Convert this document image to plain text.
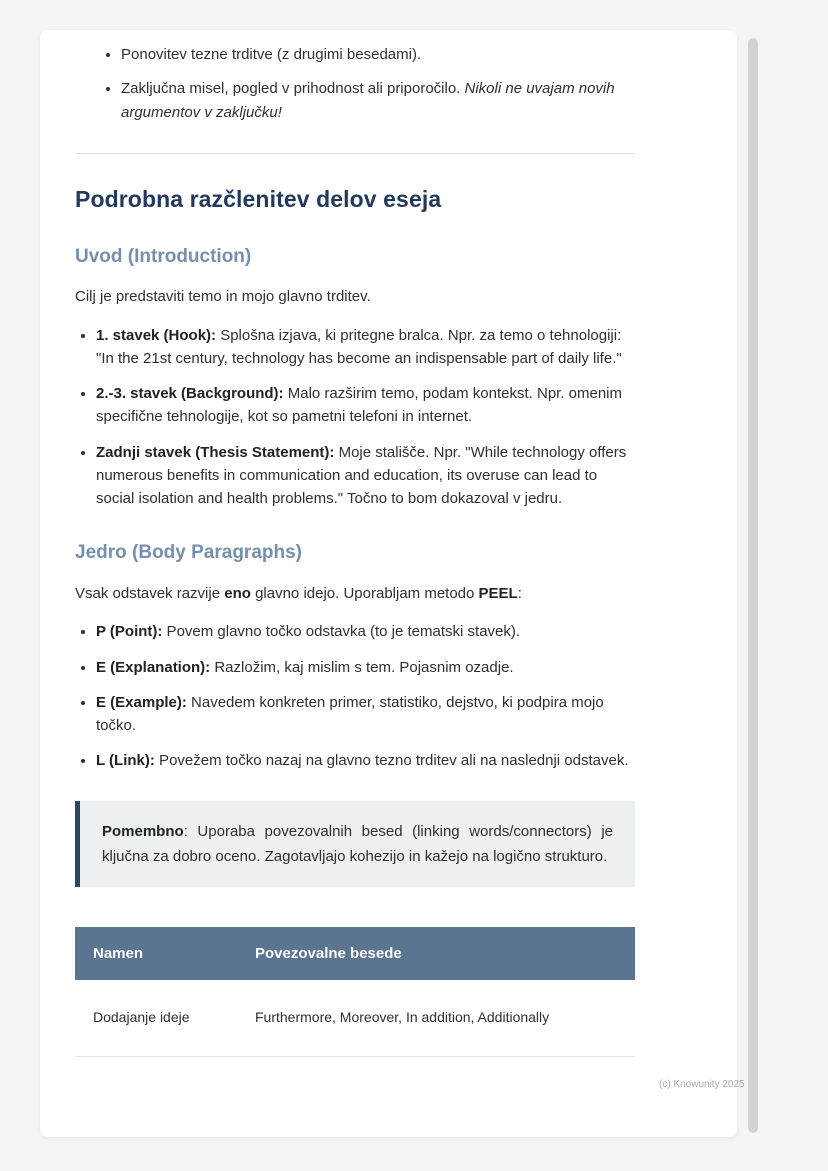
• Ponovitev tezne trditve (z drugimi besedami).
• Zaključna misel, pogled v prihodnost ali priporočilo. Nikoli ne uvajam novih argumentov v zaključku!
Podrobna razčlenitev delov eseja
Uvod (Introduction)

Cilj je predstaviti temo in mojo glavno trditev.

• 1. stavek (Hook): Splošna izjava, ki pritegne bralca. Npr. za temo o tehnologiji: "In the 21st century, technology has become an indispensable part of daily life."
• 2.-3. stavek (Background): Malo razširim temo, podam kontekst. Npr. omenim specifične tehnologije, kot so pametni telefoni in internet.
• Zadnji stavek (Thesis Statement): Moje stališče. Npr. "While technology offers numerous benefits in communication and education, its overuse can lead to social isolation and health problems." Točno to bom dokazoval v jedru.
Jedro (Body Paragraphs)

Vsak odstavek razvije eno glavno idejo. Uporabljam metodo PEEL:

• P (Point): Povem glavno točko odstavka (to je tematski stavek).
• E (Explanation): Razložim, kaj mislim s tem. Pojasnim ozadje.
• E (Example): Navedem konkreten primer, statistiko, dejstvo, ki podpira mojo točko.
• L (Link): Povežem točko nazaj na glavno tezno trditev ali na naslednji odstavek.
Pomembno: Uporaba povezovalnih besed (linking words/connectors) je ključna za dobro oceno. Zagotavljajo kohezijo in kažejo na logično strukturo.
Namen	Povezovalne besede
Dodajanje ideje	Furthermore, Moreover, In addition, Additionally

(c) Knowunity 2025
